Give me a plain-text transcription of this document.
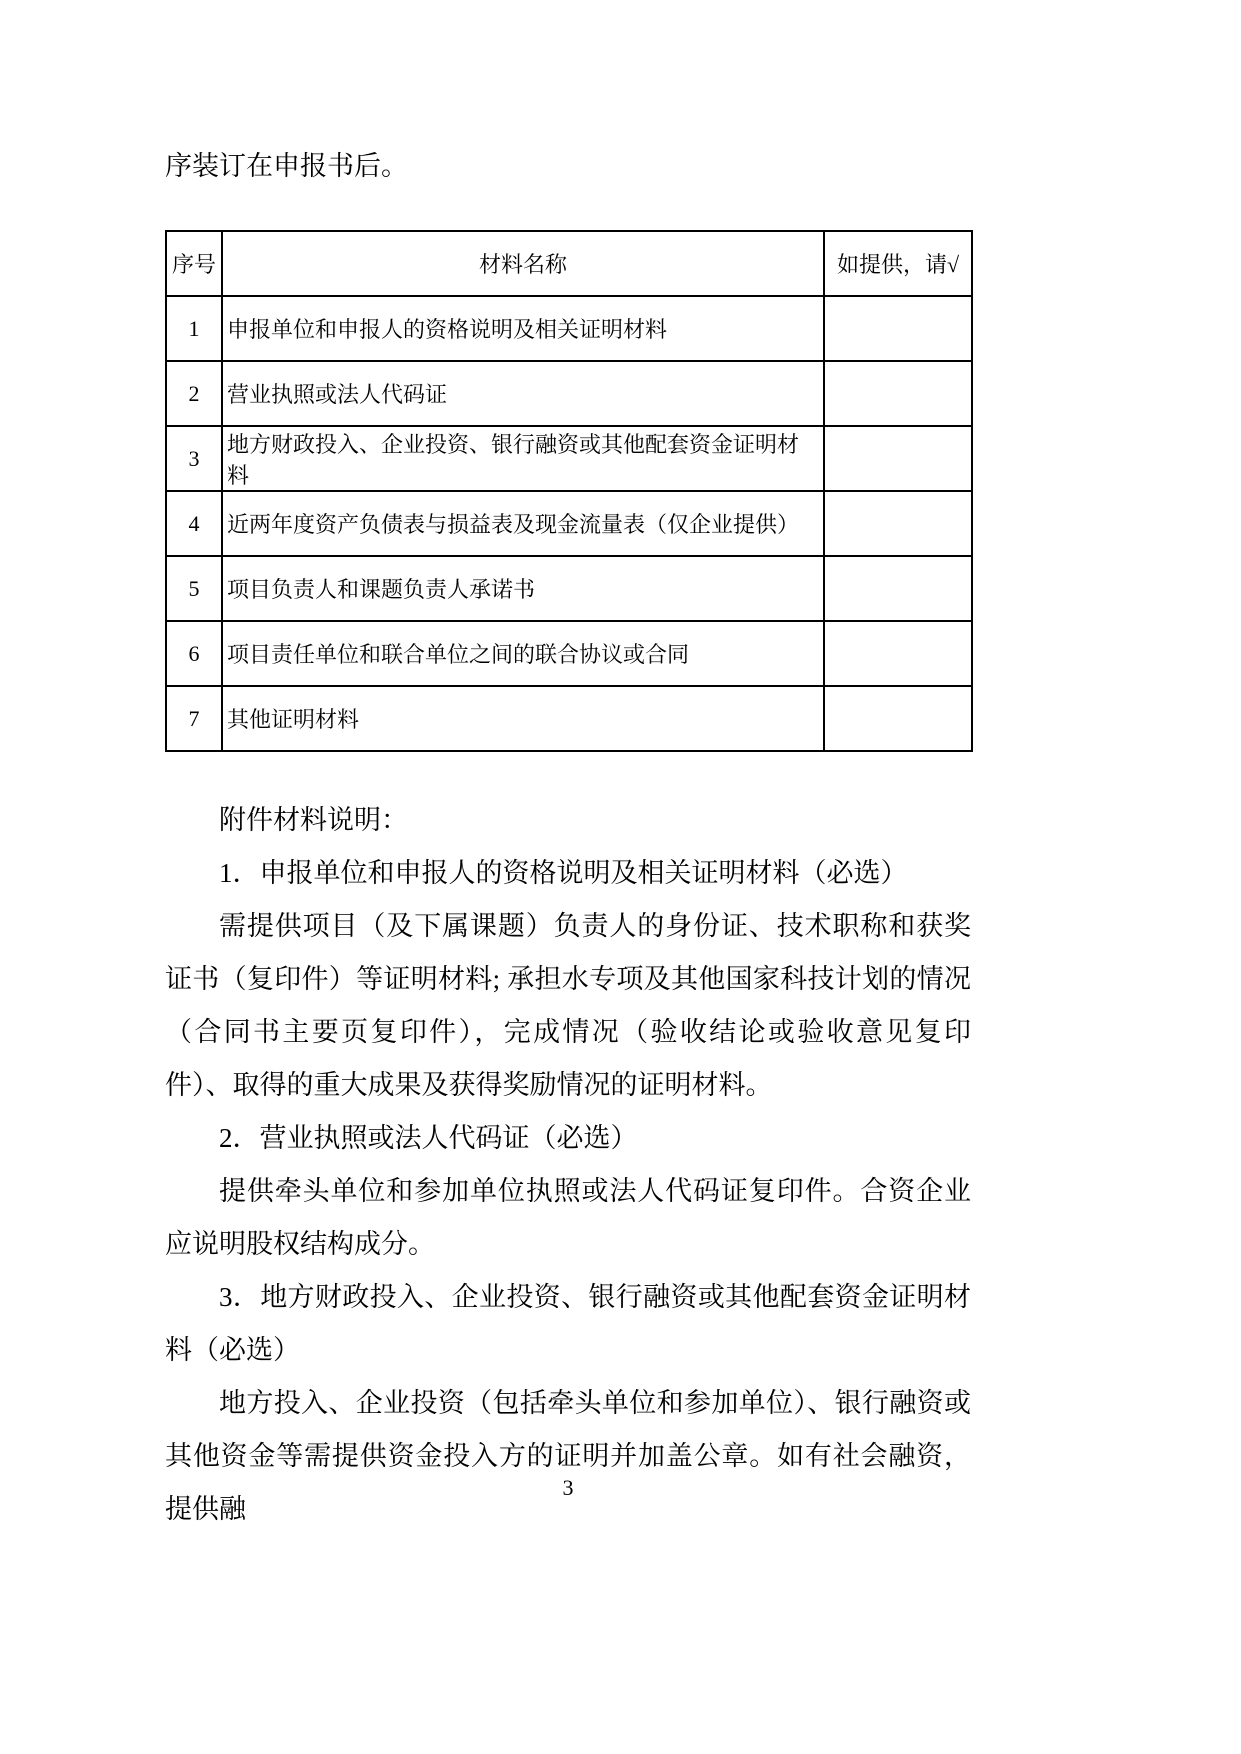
序装订在申报书后。

序号	材料名称	如提供，请√
1	申报单位和申报人的资格说明及相关证明材料	
2	营业执照或法人代码证	
3	地方财政投入、企业投资、银行融资或其他配套资金证明材料	
4	近两年度资产负债表与损益表及现金流量表（仅企业提供）	
5	项目负责人和课题负责人承诺书	
6	项目责任单位和联合单位之间的联合协议或合同	
7	其他证明材料	

附件材料说明：

1．申报单位和申报人的资格说明及相关证明材料（必选）

需提供项目（及下属课题）负责人的身份证、技术职称和获奖证书（复印件）等证明材料; 承担水专项及其他国家科技计划的情况（合同书主要页复印件），完成情况（验收结论或验收意见复印件）、取得的重大成果及获得奖励情况的证明材料。

2．营业执照或法人代码证（必选）

提供牵头单位和参加单位执照或法人代码证复印件。合资企业应说明股权结构成分。

3．地方财政投入、企业投资、银行融资或其他配套资金证明材料（必选）

地方投入、企业投资（包括牵头单位和参加单位）、银行融资或其他资金等需提供资金投入方的证明并加盖公章。如有社会融资，提供融

3
